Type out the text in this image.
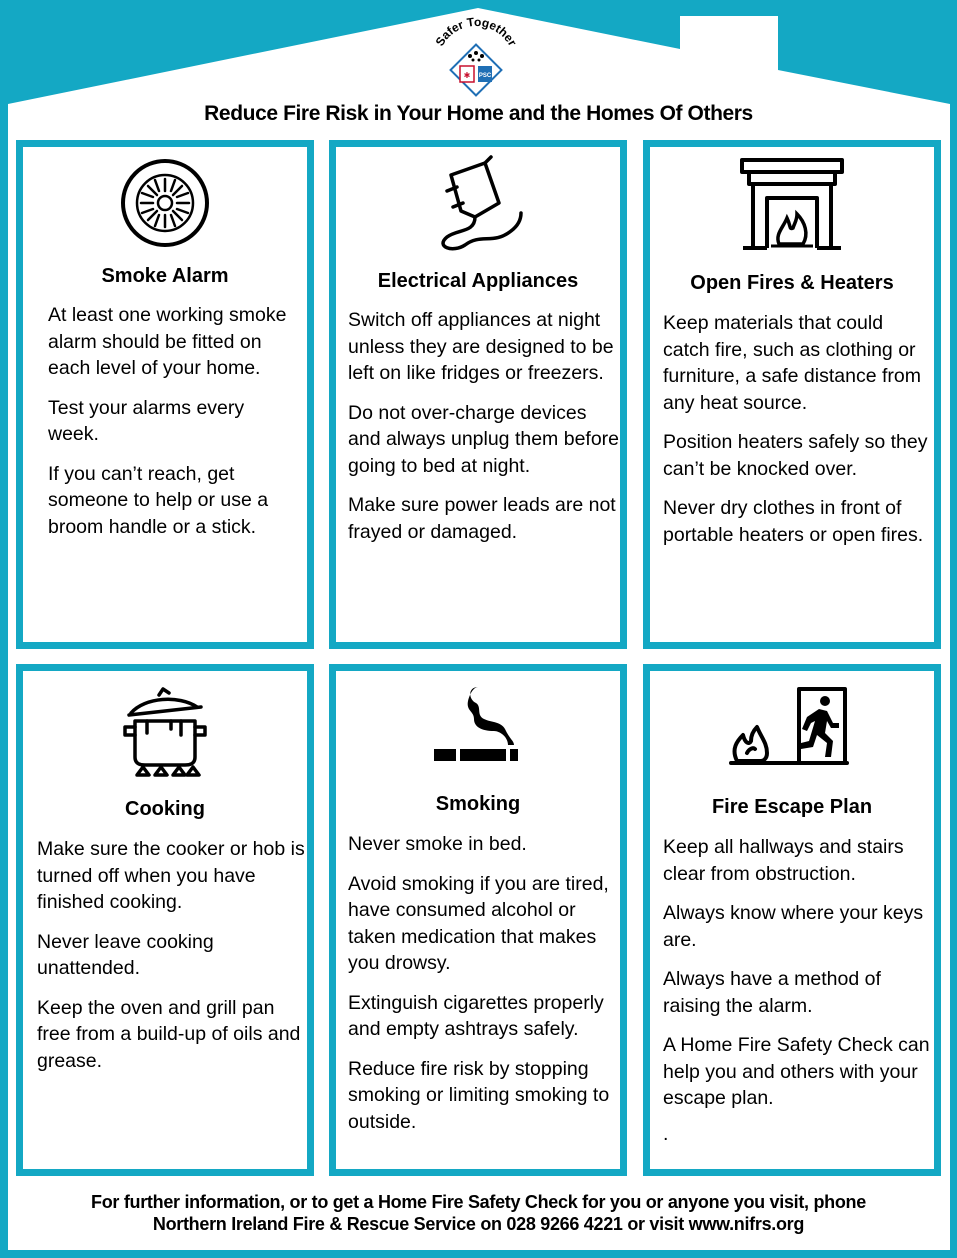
Safer Together
✱ PSC
Reduce Fire Risk in Your Home and the Homes Of Others
Smoke Alarm

At least one working smoke alarm should be fitted on each level of your home.

Test your alarms every week.

If you can’t reach, get someone to help or use a broom handle or a stick.

Electrical Appliances

Switch off appliances at night unless they are designed to be left on like fridges or freezers.

Do not over-charge devices and always unplug them before going to bed at night.

Make sure power leads are not frayed or damaged.

Open Fires & Heaters

Keep materials that could catch fire, such as clothing or furniture, a safe distance from any heat source.

Position heaters safely so they can’t be knocked over.

Never dry clothes in front of portable heaters or open fires.

Cooking

Make sure the cooker or hob is turned off when you have finished cooking.

Never leave cooking unattended.

Keep the oven and grill pan free from a build-up of oils and grease.

Smoking

Never smoke in bed.

Avoid smoking if you are tired, have consumed alcohol or taken medication that makes you drowsy.

Extinguish cigarettes properly and empty ashtrays safely.

Reduce fire risk by stopping smoking or limiting smoking to outside.

Fire Escape Plan

Keep all hallways and stairs clear from obstruction.

Always know where your keys are.

Always have a method of raising the alarm.

A Home Fire Safety Check can help you and others with your escape plan.

.

For further information, or to get a Home Fire Safety Check for you or anyone you visit, phone
Northern Ireland Fire & Rescue Service on 028 9266 4221 or visit www.nifrs.org
